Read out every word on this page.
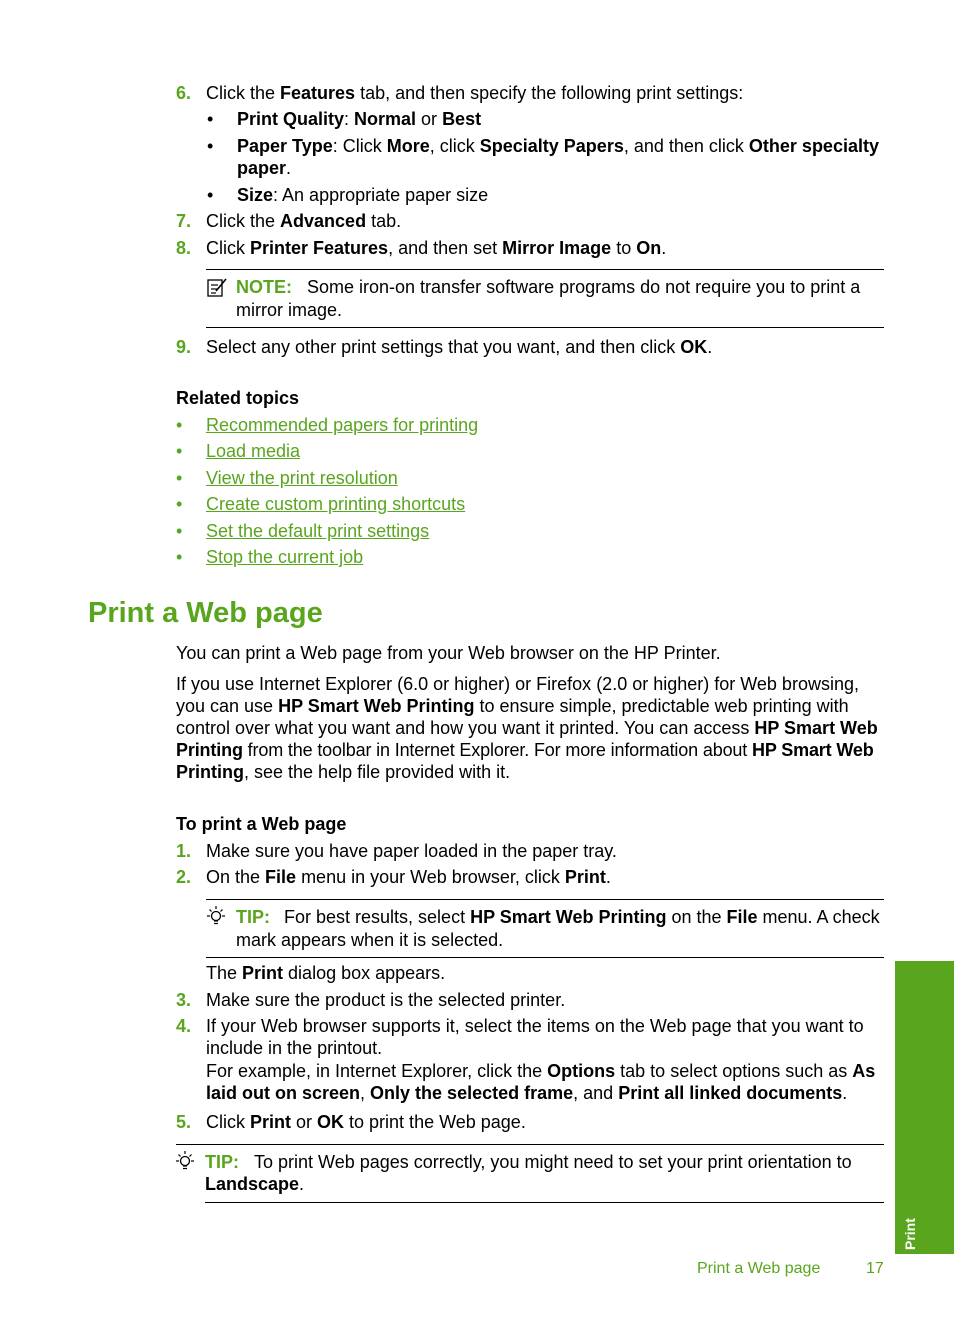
6. Click the Features tab, and then specify the following print settings:
• Print Quality: Normal or Best
• Paper Type: Click More, click Specialty Papers, and then click Other specialty
paper.
• Size: An appropriate paper size
7. Click the Advanced tab.
8. Click Printer Features, and then set Mirror Image to On.
NOTE: Some iron-on transfer software programs do not require you to print a
mirror image.
9. Select any other print settings that you want, and then click OK.
Related topics
• Recommended papers for printing
• Load media
• View the print resolution
• Create custom printing shortcuts
• Set the default print settings
• Stop the current job
Print a Web page
You can print a Web page from your Web browser on the HP Printer.
If you use Internet Explorer (6.0 or higher) or Firefox (2.0 or higher) for Web browsing,
you can use HP Smart Web Printing to ensure simple, predictable web printing with
control over what you want and how you want it printed. You can access HP Smart Web
Printing from the toolbar in Internet Explorer. For more information about HP Smart Web
Printing, see the help file provided with it.
To print a Web page
1. Make sure you have paper loaded in the paper tray.
2. On the File menu in your Web browser, click Print.
TIP: For best results, select HP Smart Web Printing on the File menu. A check
mark appears when it is selected.
The Print dialog box appears.
3. Make sure the product is the selected printer.
4. If your Web browser supports it, select the items on the Web page that you want to
include in the printout.
For example, in Internet Explorer, click the Options tab to select options such as As
laid out on screen, Only the selected frame, and Print all linked documents.
5. Click Print or OK to print the Web page.
TIP: To print Web pages correctly, you might need to set your print orientation to
Landscape.
Print
Print a Web page	17
